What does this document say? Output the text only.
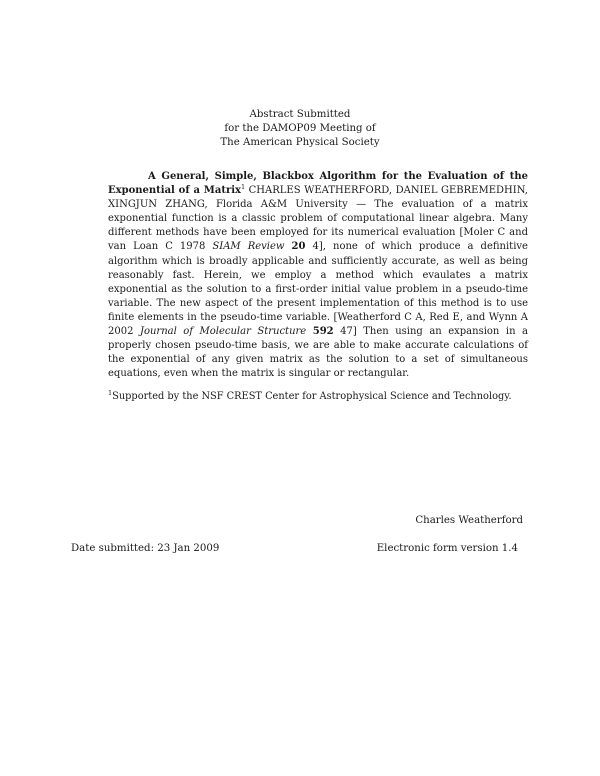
Abstract Submitted
for the DAMOP09 Meeting of
The American Physical Society

A General, Simple, Blackbox Algorithm for the Evaluation of the Exponential of a Matrix$^1$ CHARLES WEATHERFORD, DANIEL GEBREMEDHIN, XINGJUN ZHANG, Florida A&M University — The evaluation of a matrix exponential function is a classic problem of computational linear algebra. Many different methods have been employed for its numerical evaluation [Moler C and van Loan C 1978 SIAM Review 20 4], none of which produce a definitive algorithm which is broadly applicable and sufficiently accurate, as well as being reasonably fast. Herein, we employ a method which evaulates a matrix exponential as the solution to a first-order initial value problem in a pseudo-time variable. The new aspect of the present implementation of this method is to use finite elements in the pseudo-time variable. [Weatherford C A, Red E, and Wynn A 2002 Journal of Molecular Structure 592 47] Then using an expansion in a properly chosen pseudo-time basis, we are able to make accurate calculations of the exponential of any given matrix as the solution to a set of simultaneous equations, even when the matrix is singular or rectangular.

$^1$Supported by the NSF CREST Center for Astrophysical Science and Technology.
Charles Weatherford
Date submitted: 23 Jan 2009	Electronic form version 1.4
